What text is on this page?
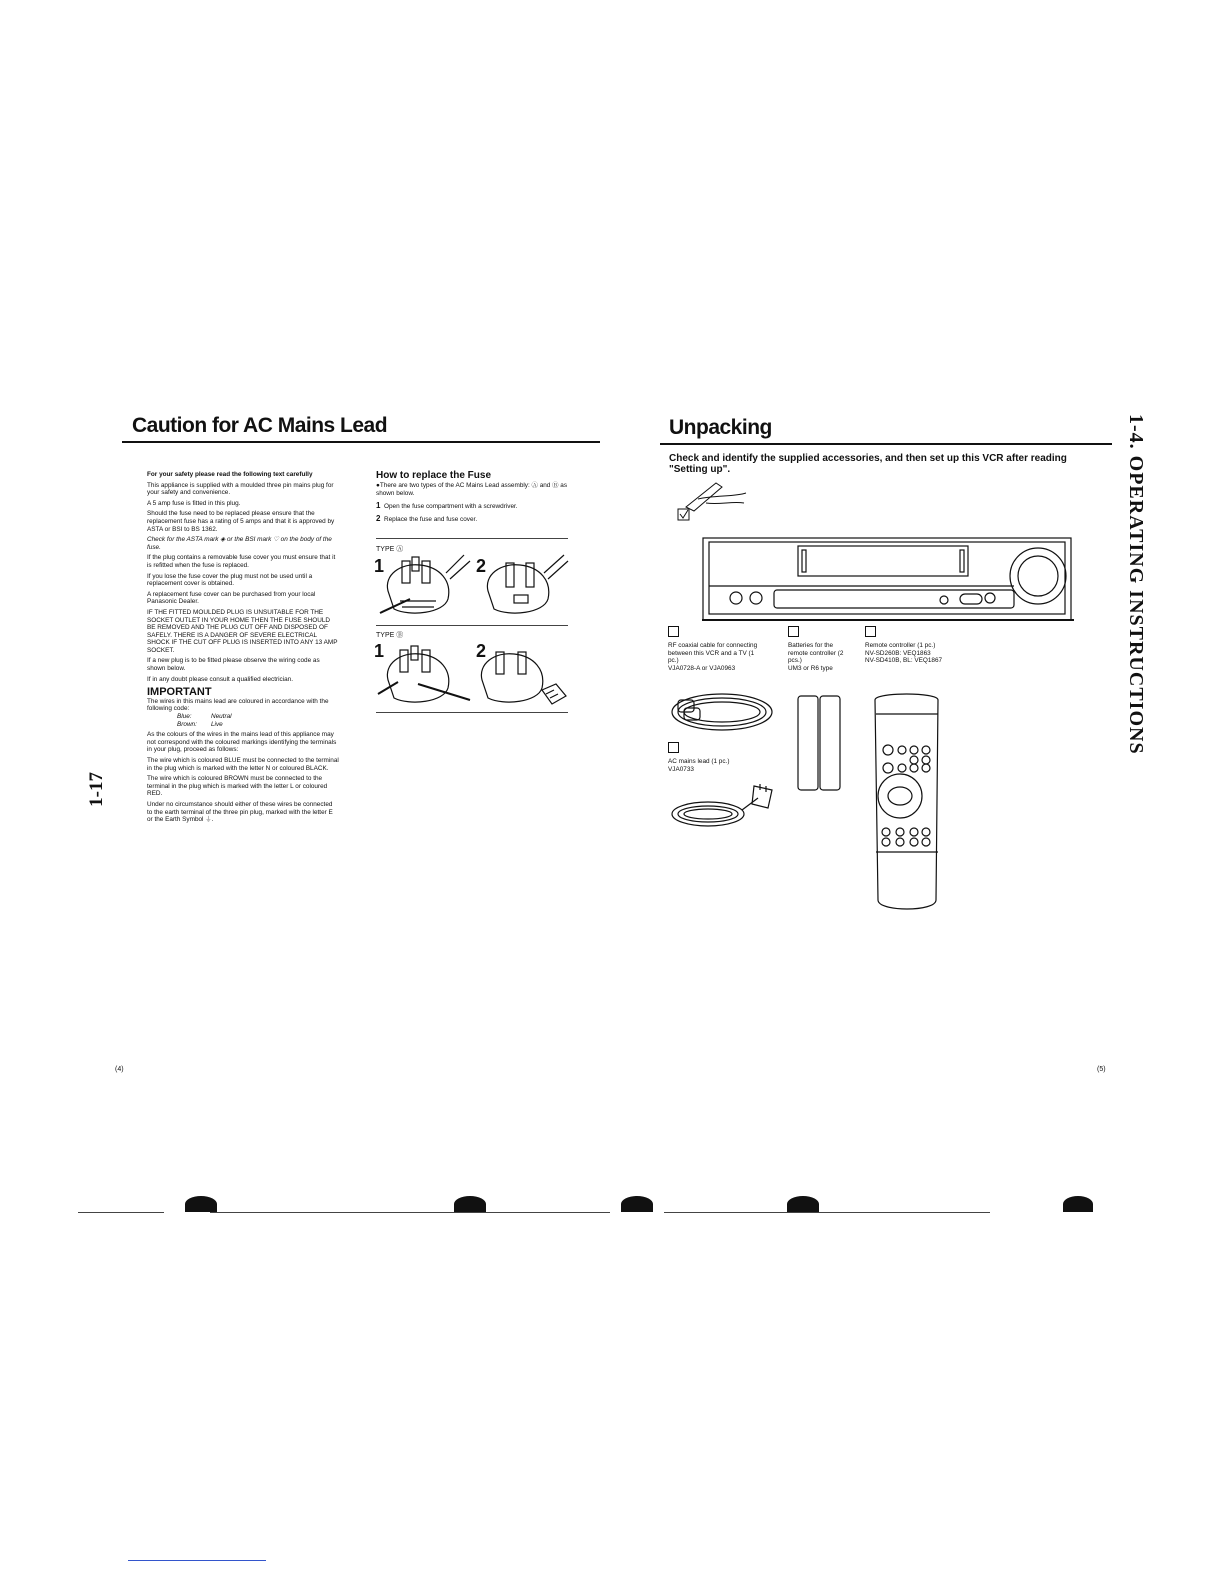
Caution for AC Mains Lead

For your safety please read the following text carefully

This appliance is supplied with a moulded three pin mains plug for your safety and convenience.

A 5 amp fuse is fitted in this plug.

Should the fuse need to be replaced please ensure that the replacement fuse has a rating of 5 amps and that it is approved by ASTA or BSI to BS 1362.

Check for the ASTA mark ◈ or the BSI mark ♡ on the body of the fuse.

If the plug contains a removable fuse cover you must ensure that it is refitted when the fuse is replaced.

If you lose the fuse cover the plug must not be used until a replacement cover is obtained.

A replacement fuse cover can be purchased from your local Panasonic Dealer.

IF THE FITTED MOULDED PLUG IS UNSUITABLE FOR THE SOCKET OUTLET IN YOUR HOME THEN THE FUSE SHOULD BE REMOVED AND THE PLUG CUT OFF AND DISPOSED OF SAFELY. THERE IS A DANGER OF SEVERE ELECTRICAL SHOCK IF THE CUT OFF PLUG IS INSERTED INTO ANY 13 AMP SOCKET.

If a new plug is to be fitted please observe the wiring code as shown below.

If in any doubt please consult a qualified electrician.

IMPORTANT

The wires in this mains lead are coloured in accordance with the following code:

Blue:	Neutral
Brown: Live

As the colours of the wires in the mains lead of this appliance may not correspond with the coloured markings identifying the terminals in your plug, proceed as follows:

The wire which is coloured BLUE must be connected to the terminal in the plug which is marked with the letter N or coloured BLACK.

The wire which is coloured BROWN must be connected to the terminal in the plug which is marked with the letter L or coloured RED.

Under no circumstance should either of these wires be connected to the earth terminal of the three pin plug, marked with the letter E or the Earth Symbol ⏚.

How to replace the Fuse
●There are two types of the AC Mains Lead assembly: Ⓐ and Ⓑ as shown below.
1 Open the fuse compartment with a screwdriver.
2 Replace the fuse and fuse cover.
TYPE Ⓐ
1	2
TYPE Ⓑ
1	2
(4)
1-17
Unpacking
Check and identify the supplied accessories, and then set up this VCR after reading "Setting up".
RF coaxial cable for connecting between this VCR and a TV (1 pc.)
VJA0728-A or VJA0963
Batteries for the remote controller (2 pcs.)
UM3 or R6 type
Remote controller (1 pc.)
NV-SD260B: VEQ1863
NV-SD410B, BL: VEQ1867
AC mains lead (1 pc.)
VJA0733
(5)
1-4. OPERATING INSTRUCTIONS
